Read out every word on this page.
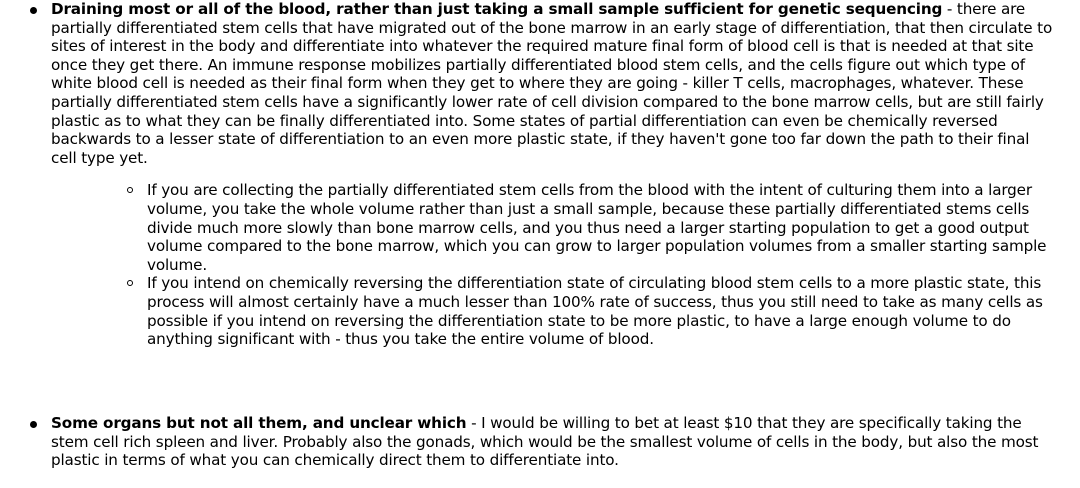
Draining most or all of the blood, rather than just taking a small sample sufficient for genetic sequencing - there are partially differentiated stem cells that have migrated out of the bone marrow in an early stage of differentiation, that then circulate to sites of interest in the body and differentiate into whatever the required mature final form of blood cell is that is needed at that site once they get there. An immune response mobilizes partially differentiated blood stem cells, and the cells figure out which type of white blood cell is needed as their final form when they get to where they are going - killer T cells, macrophages, whatever. These partially differentiated stem cells have a significantly lower rate of cell division compared to the bone marrow cells, but are still fairly plastic as to what they can be finally differentiated into. Some states of partial differentiation can even be chemically reversed backwards to a lesser state of differentiation to an even more plastic state, if they haven't gone too far down the path to their final cell type yet.

If you are collecting the partially differentiated stem cells from the blood with the intent of culturing them into a larger volume, you take the whole volume rather than just a small sample, because these partially differentiated stems cells divide much more slowly than bone marrow cells, and you thus need a larger starting population to get a good output volume compared to the bone marrow, which you can grow to larger population volumes from a smaller starting sample volume.

If you intend on chemically reversing the differentiation state of circulating blood stem cells to a more plastic state, this process will almost certainly have a much lesser than 100% rate of success, thus you still need to take as many cells as possible if you intend on reversing the differentiation state to be more plastic, to have a large enough volume to do anything significant with - thus you take the entire volume of blood.

Some organs but not all them, and unclear which - I would be willing to bet at least $10 that they are specifically taking the stem cell rich spleen and liver. Probably also the gonads, which would be the smallest volume of cells in the body, but also the most plastic in terms of what you can chemically direct them to differentiate into.
